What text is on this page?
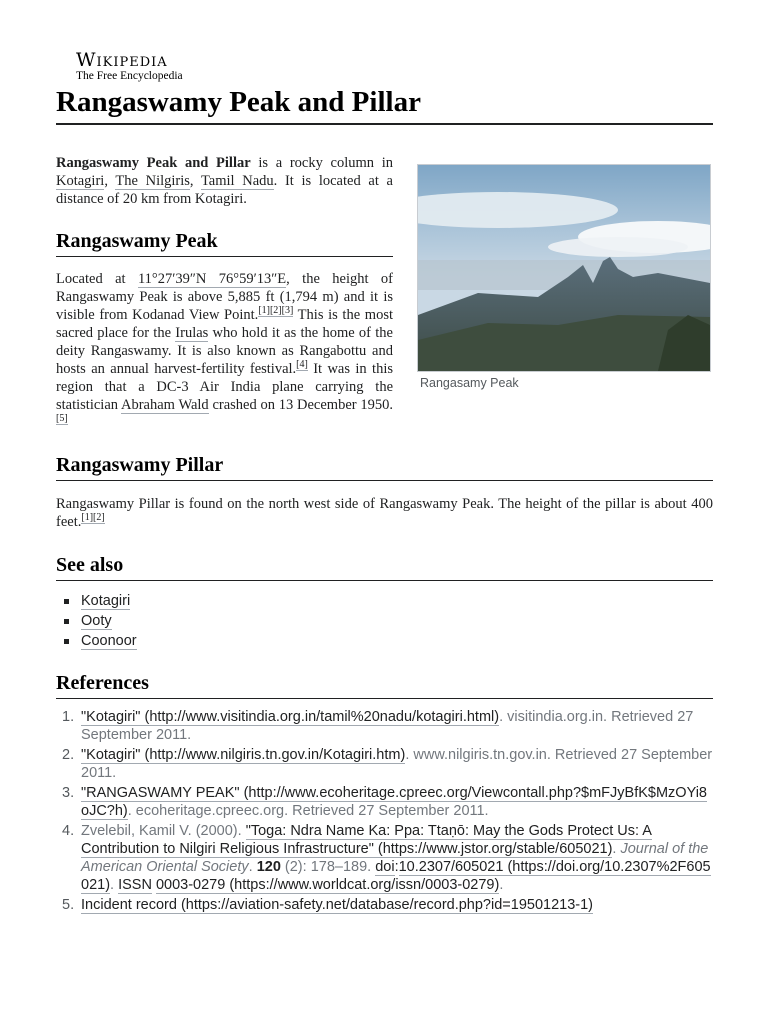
Wikipedia
The Free Encyclopedia
Rangaswamy Peak and Pillar

Rangaswamy Peak and Pillar is a rocky column in Kotagiri, The Nilgiris, Tamil Nadu. It is located at a distance of 20 km from Kotagiri.

Rangaswamy Peak

Located at 11°27′39″N 76°59′13″E, the height of Rangaswamy Peak is above 5,885 ft (1,794 m) and it is visible from Kodanad View Point.[1][2][3] This is the most sacred place for the Irulas who hold it as the home of the deity Rangaswamy. It is also known as Rangabottu and hosts an annual harvest-fertility festival.[4] It was in this region that a DC-3 Air India plane carrying the statistician Abraham Wald crashed on 13 December 1950.[5]

Rangasamy Peak
Rangaswamy Pillar

Rangaswamy Pillar is found on the north west side of Rangaswamy Peak. The height of the pillar is about 400 feet.[1][2]

See also
Kotagiri
Ooty
Coonoor
References
1. "Kotagiri" (http://www.visitindia.org.in/tamil%20nadu/kotagiri.html). visitindia.org.in. Retrieved 27 September 2011.
2. "Kotagiri" (http://www.nilgiris.tn.gov.in/Kotagiri.htm). www.nilgiris.tn.gov.in. Retrieved 27 September 2011.
3. "RANGASWAMY PEAK" (http://www.ecoheritage.cpreec.org/Viewcontall.php?$mFJyBfK$MzOYi8oJC?h). ecoheritage.cpreec.org. Retrieved 27 September 2011.
4. Zvelebil, Kamil V. (2000). "Toga: Ndra Name Ka: Ppa: Ttaṇō: May the Gods Protect Us: A Contribution to Nilgiri Religious Infrastructure" (https://www.jstor.org/stable/605021). Journal of the American Oriental Society. 120 (2): 178–189. doi:10.2307/605021 (https://doi.org/10.2307%2F605021). ISSN 0003-0279 (https://www.worldcat.org/issn/0003-0279).
5. Incident record (https://aviation-safety.net/database/record.php?id=19501213-1)
